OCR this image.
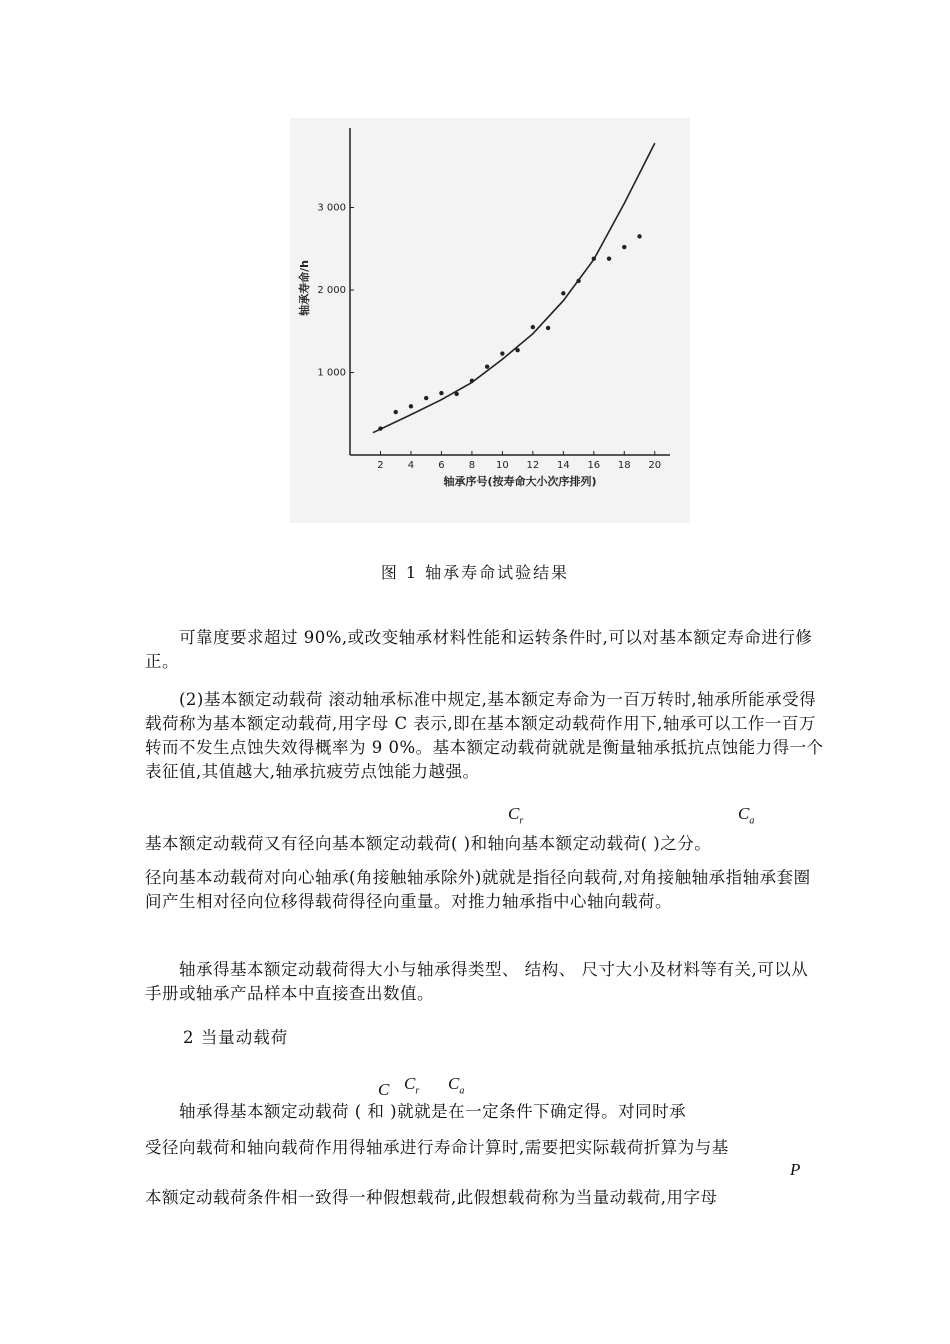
2 4 6 8 10 12 14 16 18 20
1 000
2 000
3 000
轴承序号(按寿命大小次序排列)
轴承寿命/h
图 1 轴承寿命试验结果
可靠度要求超过 90%,或改变轴承材料性能和运转条件时,可以对基本额定寿命进行修正。
(2)基本额定动载荷 滚动轴承标准中规定,基本额定寿命为一百万转时,轴承所能承受得载荷称为基本额定动载荷,用字母 C 表示,即在基本额定动载荷作用下,轴承可以工作一百万转而不发生点蚀失效得概率为 9 0%。基本额定动载荷就就是衡量轴承抵抗点蚀能力得一个表征值,其值越大,轴承抗疲劳点蚀能力越强。
$C_r$	$C_a$
基本额定动载荷又有径向基本额定动载荷( )和轴向基本额定动载荷( )之分。
径向基本动载荷对向心轴承(角接触轴承除外)就就是指径向载荷,对角接触轴承指轴承套圈间产生相对径向位移得载荷得径向重量。对推力轴承指中心轴向载荷。
轴承得基本额定动载荷得大小与轴承得类型、 结构、 尺寸大小及材料等有关,可以从手册或轴承产品样本中直接查出数值。
2 当量动载荷
C $C_r$ $C_a$
轴承得基本额定动载荷 ( 和 )就就是在一定条件下确定得。对同时承
受径向载荷和轴向载荷作用得轴承进行寿命计算时,需要把实际载荷折算为与基
P
本额定动载荷条件相一致得一种假想载荷,此假想载荷称为当量动载荷,用字母
